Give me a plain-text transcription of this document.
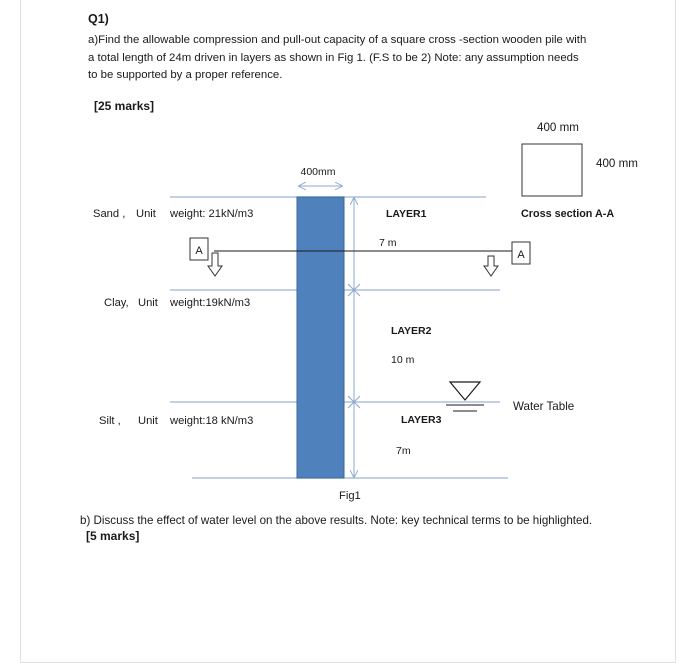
Q1)
a)Find the allowable compression and pull-out capacity of a square cross -section wooden pile with a total length of 24m driven in layers as shown in Fig 1. (F.S to be 2) Note: any assumption needs to be supported by a proper reference.
[25 marks]
400mm
A	A
Sand , Unit weight: 21kN/m3
Clay, Unit weight:19kN/m3
Silt , Unit weight:18 kN/m3
LAYER1
7 m
LAYER2
10 m
LAYER3
7m
Water Table
400 mm
400 mm
Cross section A-A
Fig1
b) Discuss the effect of water level on the above results. Note: key technical terms to be highlighted.
[5 marks]
